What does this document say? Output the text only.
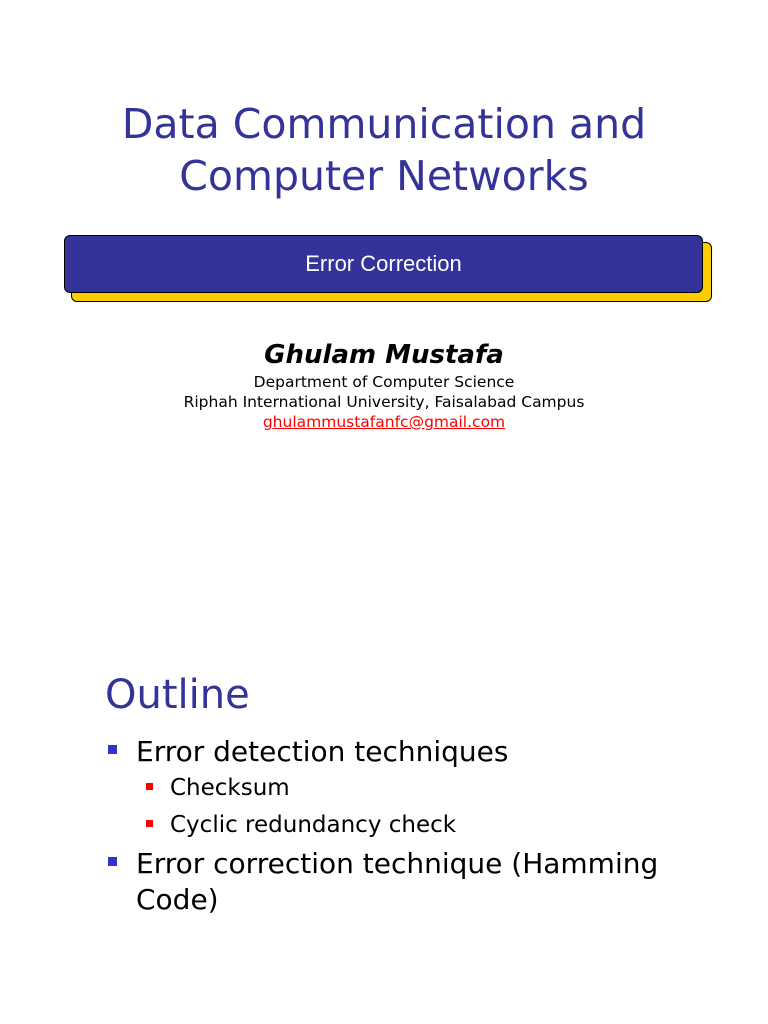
Data Communication and
Computer Networks
Error Correction
Ghulam Mustafa
Department of Computer Science
Riphah International University, Faisalabad Campus
ghulammustafanfc@gmail.com
Outline
Error detection techniques
Checksum
Cyclic redundancy check
Error correction technique (Hamming Code)
